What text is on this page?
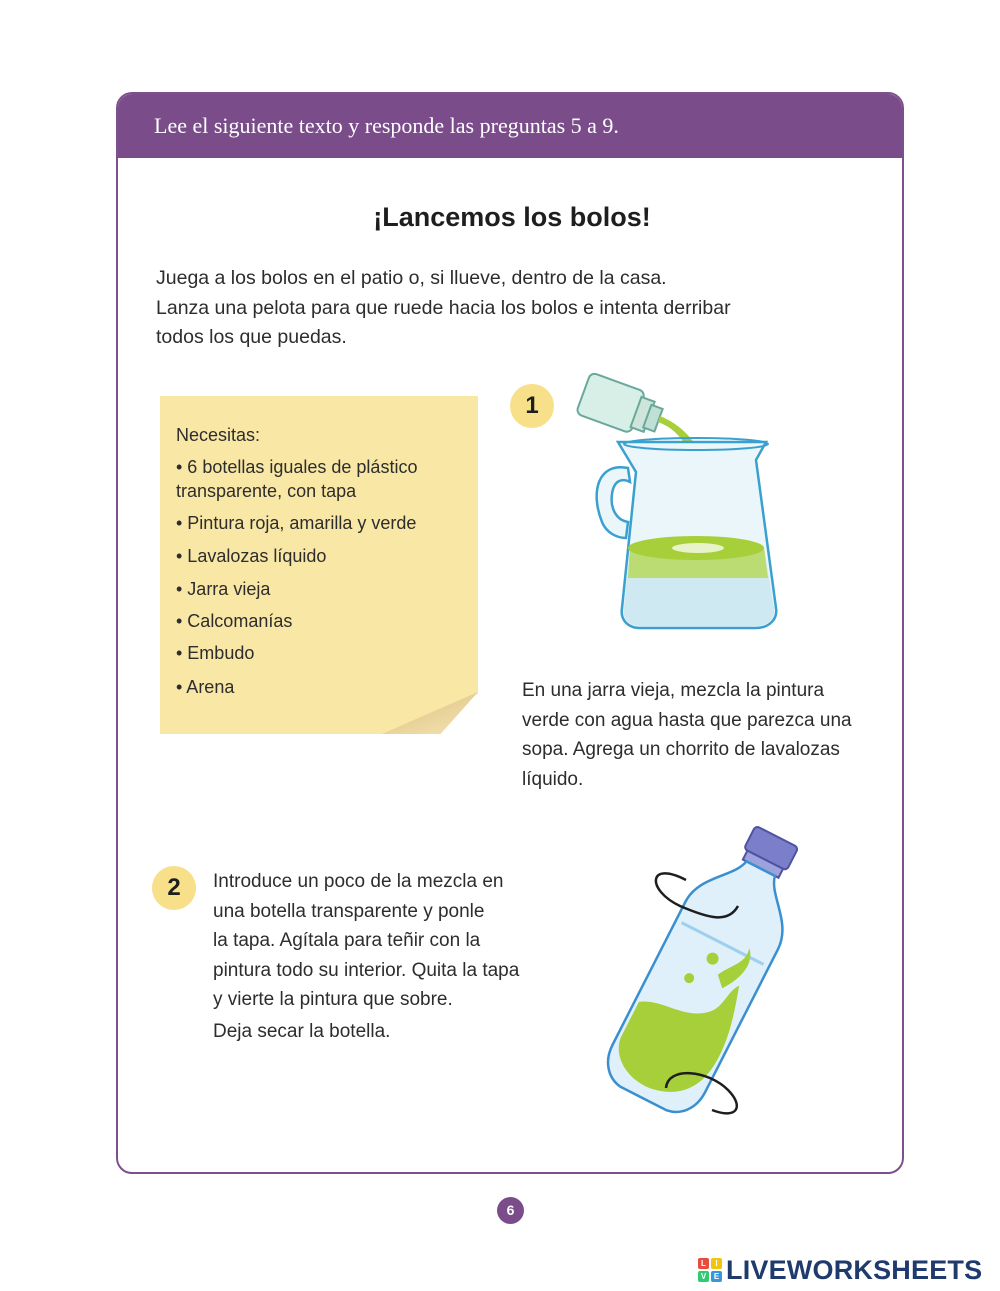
Lee el siguiente texto y responde las preguntas 5 a 9.
¡Lancemos los bolos!
Juega a los bolos en el patio o, si llueve, dentro de la casa.
Lanza una pelota para que ruede hacia los bolos e intenta derribar
todos los que puedas.
Necesitas:
• 6 botellas iguales de plástico transparente, con tapa
• Pintura roja, amarilla y verde
• Lavalozas líquido
• Jarra vieja
• Calcomanías
• Embudo
• Arena
1
En una jarra vieja, mezcla la pintura
verde con agua hasta que parezca una
sopa. Agrega un chorrito de lavalozas
líquido.
2	Introduce un poco de la mezcla en
una botella transparente y ponle
la tapa. Agítala para teñir con la
pintura todo su interior. Quita la tapa
y vierte la pintura que sobre.
Deja secar la botella.
6
L	I
V E LIVEWORKSHEETS
